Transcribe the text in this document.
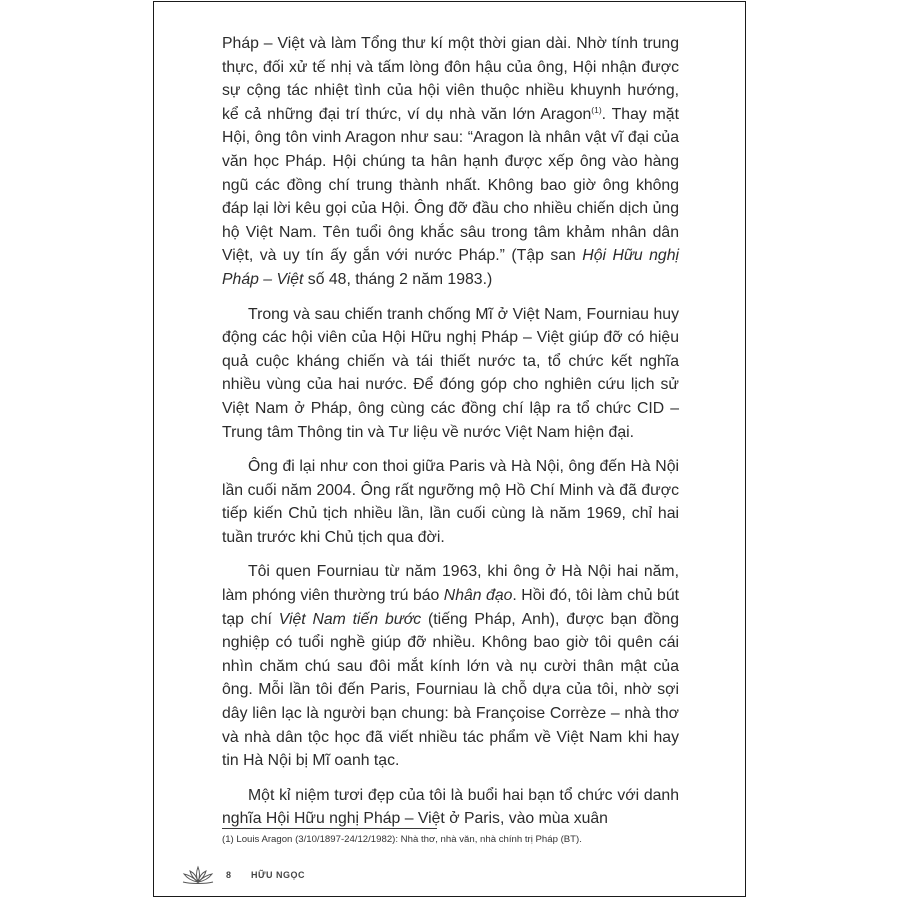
Pháp – Việt và làm Tổng thư kí một thời gian dài. Nhờ tính trung thực, đối xử tế nhị và tấm lòng đôn hậu của ông, Hội nhận được sự cộng tác nhiệt tình của hội viên thuộc nhiều khuynh hướng, kể cả những đại trí thức, ví dụ nhà văn lớn Aragon$^{(1)}$. Thay mặt Hội, ông tôn vinh Aragon như sau: “Aragon là nhân vật vĩ đại của văn học Pháp. Hội chúng ta hân hạnh được xếp ông vào hàng ngũ các đồng chí trung thành nhất. Không bao giờ ông không đáp lại lời kêu gọi của Hội. Ông đỡ đầu cho nhiều chiến dịch ủng hộ Việt Nam. Tên tuổi ông khắc sâu trong tâm khảm nhân dân Việt, và uy tín ấy gắn với nước Pháp.” (Tập san Hội Hữu nghị Pháp – Việt số 48, tháng 2 năm 1983.)

Trong và sau chiến tranh chống Mĩ ở Việt Nam, Fourniau huy động các hội viên của Hội Hữu nghị Pháp – Việt giúp đỡ có hiệu quả cuộc kháng chiến và tái thiết nước ta, tổ chức kết nghĩa nhiều vùng của hai nước. Để đóng góp cho nghiên cứu lịch sử Việt Nam ở Pháp, ông cùng các đồng chí lập ra tổ chức CID – Trung tâm Thông tin và Tư liệu về nước Việt Nam hiện đại.

Ông đi lại như con thoi giữa Paris và Hà Nội, ông đến Hà Nội lần cuối năm 2004. Ông rất ngưỡng mộ Hồ Chí Minh và đã được tiếp kiến Chủ tịch nhiều lần, lần cuối cùng là năm 1969, chỉ hai tuần trước khi Chủ tịch qua đời.

Tôi quen Fourniau từ năm 1963, khi ông ở Hà Nội hai năm, làm phóng viên thường trú báo Nhân đạo. Hồi đó, tôi làm chủ bút tạp chí Việt Nam tiến bước (tiếng Pháp, Anh), được bạn đồng nghiệp có tuổi nghề giúp đỡ nhiều. Không bao giờ tôi quên cái nhìn chăm chú sau đôi mắt kính lớn và nụ cười thân mật của ông. Mỗi lần tôi đến Paris, Fourniau là chỗ dựa của tôi, nhờ sợi dây liên lạc là người bạn chung: bà Françoise Corrèze – nhà thơ và nhà dân tộc học đã viết nhiều tác phẩm về Việt Nam khi hay tin Hà Nội bị Mĩ oanh tạc.

Một kỉ niệm tươi đẹp của tôi là buổi hai bạn tổ chức với danh nghĩa Hội Hữu nghị Pháp – Việt ở Paris, vào mùa xuân

(1) Louis Aragon (3/10/1897-24/12/1982): Nhà thơ, nhà văn, nhà chính trị Pháp (BT).
8 HỮU NGỌC
